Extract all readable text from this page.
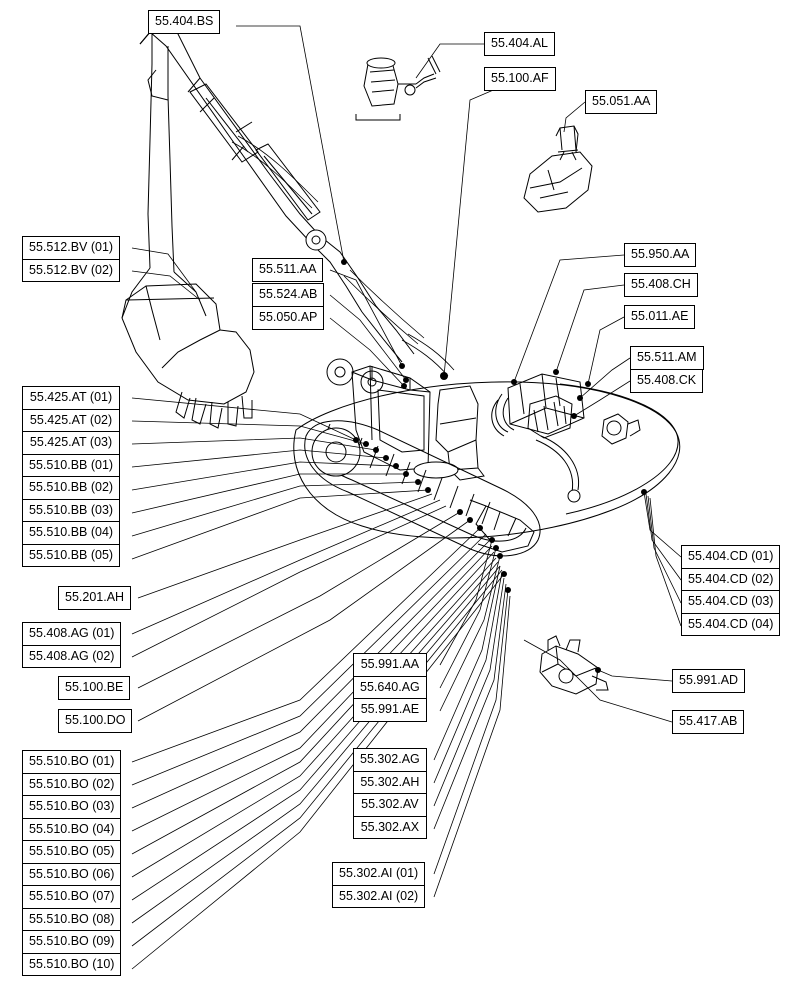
55.404.BS
55.404.AL
55.100.AF
55.051.AA
55.950.AA
55.408.CH
55.011.AE
55.511.AM
55.408.CK
55.511.AA
55.524.AB
55.050.AP
55.201.AH
55.100.BE
55.100.DO
55.991.AD
55.417.AB
55.512.BV (01)
55.512.BV (02)
55.425.AT (01)
55.425.AT (02)
55.425.AT (03)
55.510.BB (01)
55.510.BB (02)
55.510.BB (03)
55.510.BB (04)
55.510.BB (05)
55.408.AG (01)
55.408.AG (02)
55.510.BO (01)
55.510.BO (02)
55.510.BO (03)
55.510.BO (04)
55.510.BO (05)
55.510.BO (06)
55.510.BO (07)
55.510.BO (08)
55.510.BO (09)
55.510.BO (10)
55.404.CD (01)
55.404.CD (02)
55.404.CD (03)
55.404.CD (04)
55.991.AA
55.640.AG
55.991.AE
55.302.AG
55.302.AH
55.302.AV
55.302.AX
55.302.AI (01)
55.302.AI (02)
